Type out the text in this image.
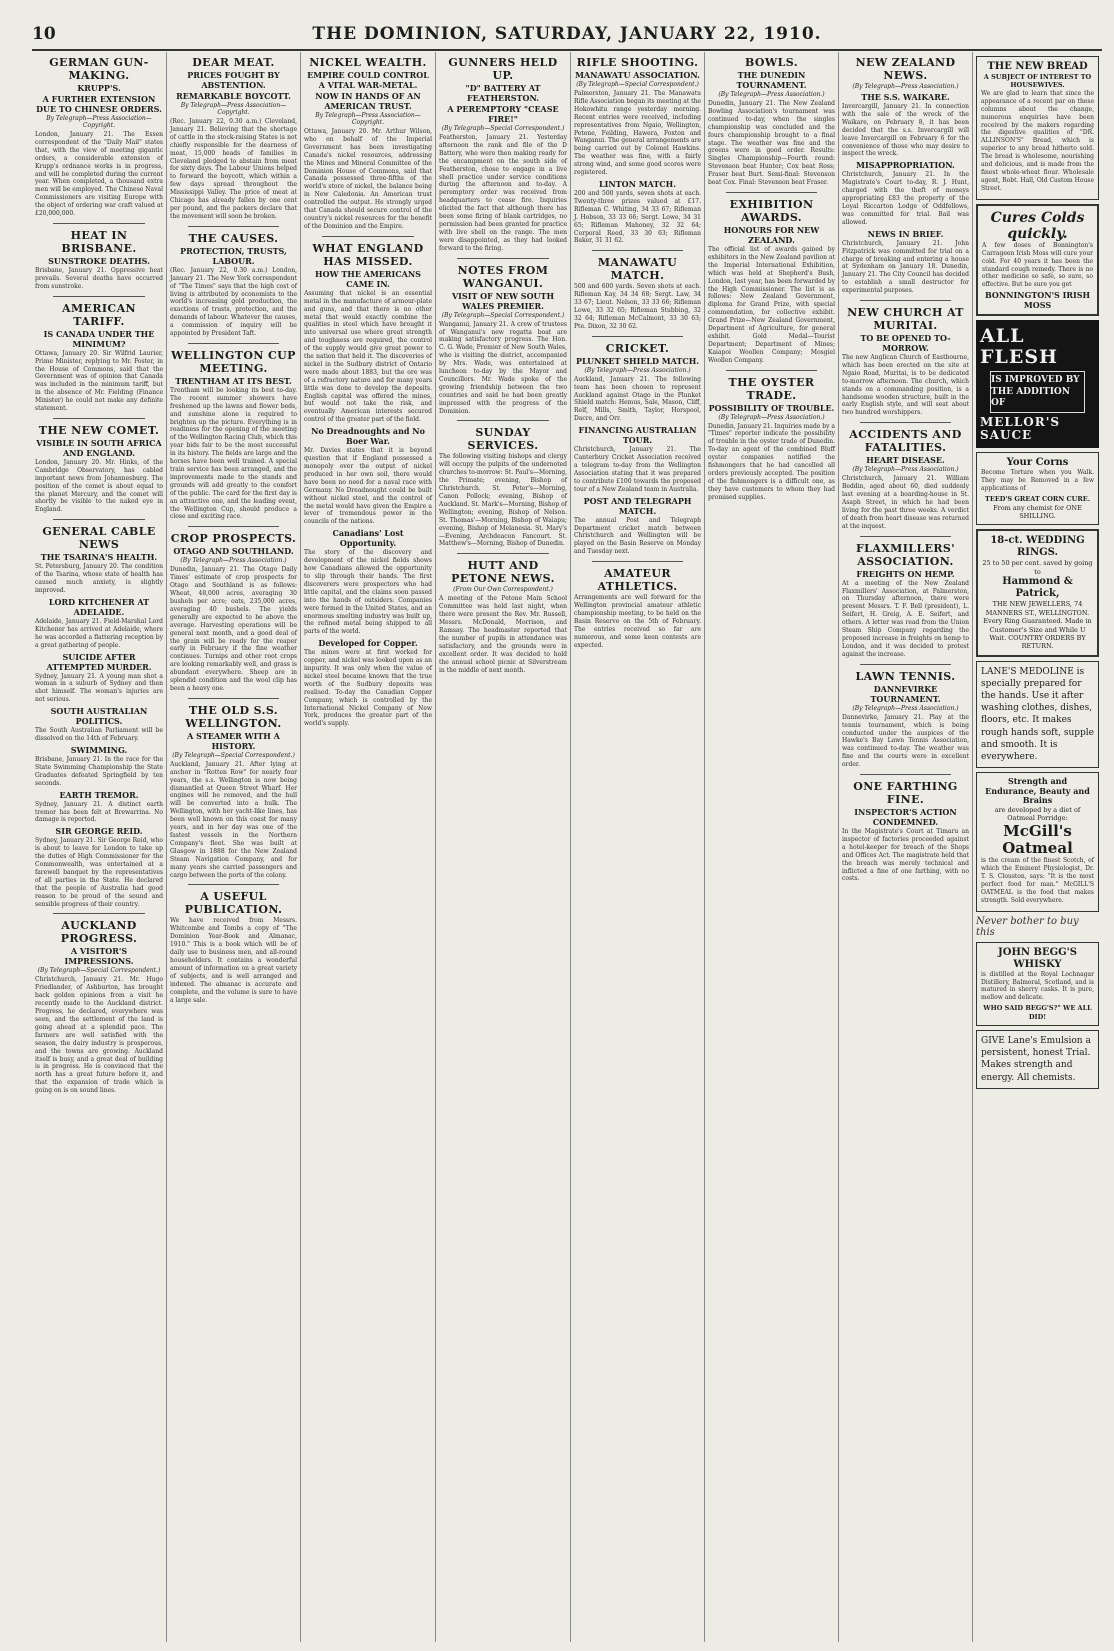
10	THE DOMINION, SATURDAY, JANUARY 22, 1910.
GERMAN GUN-MAKING.
KRUPP'S.
A FURTHER EXTENSION DUE TO CHINESE ORDERS.
By Telegraph—Press Association—Copyright.

London, January 21. The Essen correspondent of the "Daily Mail" states that, with the view of meeting gigantic orders, a considerable extension of Krupp's ordnance works is in progress, and will be completed during the current year. When completed, a thousand extra men will be employed. The Chinese Naval Commissioners are visiting Europe with the object of ordering war craft valued at £20,000,000.

HEAT IN BRISBANE.
SUNSTROKE DEATHS.

Brisbane, January 21. Oppressive heat prevails. Several deaths have occurred from sunstroke.

AMERICAN TARIFF.
IS CANADA UNDER THE MINIMUM?

Ottawa, January 20. Sir Wilfrid Laurier, Prime Minister, replying to Mr. Foster, in the House of Commons, said that the Government was of opinion that Canada was included in the minimum tariff, but in the absence of Mr. Fielding (Finance Minister) he could not make any definite statement.

THE NEW COMET.
VISIBLE IN SOUTH AFRICA AND ENGLAND.

London, January 20. Mr. Hinks, of the Cambridge Observatory, has cabled important news from Johannesburg. The position of the comet is about equal to the planet Mercury, and the comet will shortly be visible to the naked eye in England.

GENERAL CABLE NEWS
THE TSARINA'S HEALTH.

St. Petersburg, January 20. The condition of the Tsarina, whose state of health has caused much anxiety, is slightly improved.

LORD KITCHENER AT ADELAIDE.

Adelaide, January 21. Field-Marshal Lord Kitchener has arrived at Adelaide, where he was accorded a flattering reception by a great gathering of people.

SUICIDE AFTER ATTEMPTED MURDER.

Sydney, January 21. A young man shot a woman in a suburb of Sydney and then shot himself. The woman's injuries are not serious.

SOUTH AUSTRALIAN POLITICS.

The South Australian Parliament will be dissolved on the 14th of February.

SWIMMING.

Brisbane, January 21. In the race for the State Swimming Championship the State Graduates defeated Springfield by ten seconds.

EARTH TREMOR.

Sydney, January 21. A distinct earth tremor has been felt at Brewarrina. No damage is reported.

SIR GEORGE REID.

Sydney, January 21. Sir George Reid, who is about to leave for London to take up the duties of High Commissioner for the Commonwealth, was entertained at a farewell banquet by the representatives of all parties in the State. He declared that the people of Australia had good reason to be proud of the sound and sensible progress of their country.

AUCKLAND PROGRESS.
A VISITOR'S IMPRESSIONS.
(By Telegraph—Special Correspondent.)

Christchurch, January 21. Mr. Hugo Friedlander, of Ashburton, has brought back golden opinions from a visit he recently made to the Auckland district. Progress, he declared, everywhere was seen, and the settlement of the land is going ahead at a splendid pace. The farmers are well satisfied with the season, the dairy industry is prosperous, and the towns are growing. Auckland itself is busy, and a great deal of building is in progress. He is convinced that the north has a great future before it, and that the expansion of trade which is going on is on sound lines.

DEAR MEAT.
PRICES FOUGHT BY ABSTENTION.
REMARKABLE BOYCOTT.
By Telegraph—Press Association—Copyright.

(Rec. January 22, 0.30 a.m.) Cleveland, January 21. Believing that the shortage of cattle in the stock-raising States is not chiefly responsible for the dearness of meat, 15,000 heads of families in Cleveland pledged to abstain from meat for sixty days. The Labour Unions helped to forward the boycott, which within a few days spread throughout the Mississippi Valley. The price of meat at Chicago has already fallen by one cent per pound, and the packers declare that the movement will soon be broken.

THE CAUSES.
PROTECTION, TRUSTS, LABOUR.

(Rec. January 22, 0.30 a.m.) London, January 21. The New York correspondent of "The Times" says that the high cost of living is attributed by economists to the world's increasing gold production, the exactions of trusts, protection, and the demands of labour. Whatever the causes, a commission of inquiry will be appointed by President Taft.

WELLINGTON CUP MEETING.
TRENTHAM AT ITS BEST.

Trentham will be looking its best to-day. The recent summer showers have freshened up the lawns and flower beds, and sunshine alone is required to brighten up the picture. Everything is in readiness for the opening of the meeting of the Wellington Racing Club, which this year bids fair to be the most successful in its history. The fields are large and the horses have been well trained. A special train service has been arranged, and the improvements made to the stands and grounds will add greatly to the comfort of the public. The card for the first day is an attractive one, and the leading event, the Wellington Cup, should produce a close and exciting race.

CROP PROSPECTS.
OTAGO AND SOUTHLAND.
(By Telegraph—Press Association.)

Dunedin, January 21. The Otago Daily Times' estimate of crop prospects for Otago and Southland is as follows: Wheat, 48,000 acres, averaging 30 bushels per acre; oats, 235,000 acres, averaging 40 bushels. The yields generally are expected to be above the average. Harvesting operations will be general next month, and a good deal of the grain will be ready for the reaper early in February if the fine weather continues. Turnips and other root crops are looking remarkably well, and grass is abundant everywhere. Sheep are in splendid condition and the wool clip has been a heavy one.

THE OLD S.S. WELLINGTON.
A STEAMER WITH A HISTORY.
(By Telegraph—Special Correspondent.)

Auckland, January 21. After lying at anchor in "Rotten Row" for nearly four years, the s.s. Wellington is now being dismantled at Queen Street Wharf. Her engines will be removed, and the hull will be converted into a hulk. The Wellington, with her yacht-like lines, has been well known on this coast for many years, and in her day was one of the fastest vessels in the Northern Company's fleet. She was built at Glasgow in 1888 for the New Zealand Steam Navigation Company, and for many years she carried passengers and cargo between the ports of the colony.

A USEFUL PUBLICATION.

We have received from Messrs. Whitcombe and Tombs a copy of "The Dominion Year-Book and Almanac, 1910." This is a book which will be of daily use to business men, and all-round householders. It contains a wonderful amount of information on a great variety of subjects, and is well arranged and indexed. The almanac is accurate and complete, and the volume is sure to have a large sale.

NICKEL WEALTH.
EMPIRE COULD CONTROL A VITAL WAR-METAL.
NOW IN HANDS OF AN AMERICAN TRUST.
By Telegraph—Press Association—Copyright.

Ottawa, January 20. Mr. Arthur Wilson, who on behalf of the Imperial Government has been investigating Canada's nickel resources, addressing the Mines and Mineral Committee of the Dominion House of Commons, said that Canada possessed three-fifths of the world's store of nickel, the balance being in New Caledonia. An American trust controlled the output. He strongly urged that Canada should secure control of the country's nickel resources for the benefit of the Dominion and the Empire.

WHAT ENGLAND HAS MISSED.
HOW THE AMERICANS CAME IN.

Assuming that nickel is an essential metal in the manufacture of armour-plate and guns, and that there is no other metal that would exactly combine the qualities in steel which have brought it into universal use where great strength and toughness are required, the control of the supply would give great power to the nation that held it. The discoveries of nickel in the Sudbury district of Ontario were made about 1883, but the ore was of a refractory nature and for many years little was done to develop the deposits. English capital was offered the mines, but would not take the risk, and eventually American interests secured control of the greater part of the field.

No Dreadnoughts and No Boer War.

Mr. Davies states that it is beyond question that if England possessed a monopoly over the output of nickel produced in her own soil, there would have been no need for a naval race with Germany. No Dreadnought could be built without nickel steel, and the control of the metal would have given the Empire a lever of tremendous power in the councils of the nations.

Canadians' Lost Opportunity.

The story of the discovery and development of the nickel fields shows how Canadians allowed the opportunity to slip through their hands. The first discoverers were prospectors who had little capital, and the claims soon passed into the hands of outsiders. Companies were formed in the United States, and an enormous smelting industry was built up, the refined metal being shipped to all parts of the world.

Developed for Copper.

The mines were at first worked for copper, and nickel was looked upon as an impurity. It was only when the value of nickel steel became known that the true worth of the Sudbury deposits was realised. To-day the Canadian Copper Company, which is controlled by the International Nickel Company of New York, produces the greater part of the world's supply.

GUNNERS HELD UP.
"D" BATTERY AT FEATHERSTON.
A PEREMPTORY "CEASE FIRE!"
(By Telegraph—Special Correspondent.)

Featherston, January 21. Yesterday afternoon the rank and file of the D Battery, who were then making ready for the encampment on the south side of Featherston, chose to engage in a live shell practice under service conditions during the afternoon and to-day. A peremptory order was received from headquarters to cease fire. Inquiries elicited the fact that although there has been some firing of blank cartridges, no permission had been granted for practice with live shell on the range. The men were disappointed, as they had looked forward to the firing.

NOTES FROM WANGANUI.
VISIT OF NEW SOUTH WALES PREMIER.
(By Telegraph—Special Correspondent.)

Wanganui, January 21. A crew of trustees of Wanganui's new regatta boat are making satisfactory progress. The Hon. C. G. Wade, Premier of New South Wales, who is visiting the district, accompanied by Mrs. Wade, was entertained at luncheon to-day by the Mayor and Councillors. Mr. Wade spoke of the growing friendship between the two countries and said he had been greatly impressed with the progress of the Dominion.

SUNDAY SERVICES.

The following visiting bishops and clergy will occupy the pulpits of the undernoted churches to-morrow: St. Paul's—Morning, the Primate; evening, Bishop of Christchurch. St. Peter's—Morning, Canon Pollock; evening, Bishop of Auckland. St. Mark's—Morning, Bishop of Wellington; evening, Bishop of Nelson. St. Thomas'—Morning, Bishop of Waiapu; evening, Bishop of Melanesia. St. Mary's—Evening, Archdeacon Fancourt. St. Matthew's—Morning, Bishop of Dunedin.

HUTT AND PETONE NEWS.
(From Our Own Correspondent.)

A meeting of the Petone Main School Committee was held last night, when there were present the Rev. Mr. Russell, Messrs. McDonald, Morrison, and Ramsay. The headmaster reported that the number of pupils in attendance was satisfactory, and the grounds were in excellent order. It was decided to hold the annual school picnic at Silverstream in the middle of next month.

RIFLE SHOOTING.
MANAWATU ASSOCIATION.
(By Telegraph—Special Correspondent.)

Palmerston, January 21. The Manawatu Rifle Association began its meeting at the Hokowhitu range yesterday morning. Recent entries were received, including representatives from Ngaio, Wellington, Petone, Feilding, Hawera, Foxton and Wanganui. The general arrangements are being carried out by Colonel Hawkins. The weather was fine, with a fairly strong wind, and some good scores were registered.

LINTON MATCH.

200 and 500 yards, seven shots at each. Twenty-three prizes valued at £17. Rifleman C. Whiting, 34 33 67; Rifleman J. Hobson, 33 33 66; Sergt. Lowe, 34 31 65; Rifleman Mahoney, 32 32 64; Corporal Reed, 33 30 63; Rifleman Baker, 31 31 62.

MANAWATU MATCH.

500 and 600 yards. Seven shots at each. Rifleman Kay, 34 34 68; Sergt. Law, 34 33 67; Lieut. Nelson, 33 33 66; Rifleman Lowe, 33 32 65; Rifleman Stubbing, 32 32 64; Rifleman McCalmont, 33 30 63; Pte. Dixon, 32 30 62.

CRICKET.
PLUNKET SHIELD MATCH.
(By Telegraph—Press Association.)

Auckland, January 21. The following team has been chosen to represent Auckland against Otago in the Plunket Shield match: Hemus, Sale, Mason, Cliff, Relf, Mills, Smith, Taylor, Horspool, Dacre, and Orr.

FINANCING AUSTRALIAN TOUR.

Christchurch, January 21. The Canterbury Cricket Association received a telegram to-day from the Wellington Association stating that it was prepared to contribute £100 towards the proposed tour of a New Zealand team in Australia.

POST AND TELEGRAPH MATCH.

The annual Post and Telegraph Department cricket match between Christchurch and Wellington will be played on the Basin Reserve on Monday and Tuesday next.

AMATEUR ATHLETICS.

Arrangements are well forward for the Wellington provincial amateur athletic championship meeting, to be held on the Basin Reserve on the 5th of February. The entries received so far are numerous, and some keen contests are expected.

BOWLS.
THE DUNEDIN TOURNAMENT.
(By Telegraph—Press Association.)

Dunedin, January 21. The New Zealand Bowling Association's tournament was continued to-day, when the singles championship was concluded and the fours championship brought to a final stage. The weather was fine and the greens were in good order. Results: Singles Championship—Fourth round: Stevenson beat Hunter; Cox beat Ross; Fraser beat Burt. Semi-final: Stevenson beat Cox. Final: Stevenson beat Fraser.

EXHIBITION AWARDS.
HONOURS FOR NEW ZEALAND.

The official list of awards gained by exhibitors in the New Zealand pavilion at the Imperial International Exhibition, which was held at Shepherd's Bush, London, last year, has been forwarded by the High Commissioner. The list is as follows: New Zealand Government, diploma for Grand Prize, with special commendation, for collective exhibit. Grand Prize—New Zealand Government, Department of Agriculture, for general exhibit. Gold Medal—Tourist Department; Department of Mines; Kaiapoi Woollen Company; Mosgiel Woollen Company.

THE OYSTER TRADE.
POSSIBILITY OF TROUBLE.
(By Telegraph—Press Association.)

Dunedin, January 21. Inquiries made by a "Times" reporter indicate the possibility of trouble in the oyster trade of Dunedin. To-day an agent of the combined Bluff oyster companies notified the fishmongers that he had cancelled all orders previously accepted. The position of the fishmongers is a difficult one, as they have customers to whom they had promised supplies.

NEW ZEALAND NEWS.
(By Telegraph—Press Association.)
THE S.S. WAIKARE.

Invercargill, January 21. In connection with the sale of the wreck of the Waikare, on February 8, it has been decided that the s.s. Invercargill will leave Invercargill on February 6 for the convenience of those who may desire to inspect the wreck.

MISAPPROPRIATION.

Christchurch, January 21. In the Magistrate's Court to-day, R. J. Hunt, charged with the theft of moneys appropriating £83 the property of the Loyal Riccarton Lodge of Oddfellows, was committed for trial. Bail was allowed.

NEWS IN BRIEF.

Christchurch, January 21. John Fitzpatrick was committed for trial on a charge of breaking and entering a house at Sydenham on January 18. Dunedin, January 21. The City Council has decided to establish a small destructor for experimental purposes.

NEW CHURCH AT MURITAI.
TO BE OPENED TO-MORROW.

The new Anglican Church of Eastbourne, which has been erected on the site at Ngaio Road, Muritai, is to be dedicated to-morrow afternoon. The church, which stands on a commanding position, is a handsome wooden structure, built in the early English style, and will seat about two hundred worshippers.

ACCIDENTS AND FATALITIES.
HEART DISEASE.
(By Telegraph—Press Association.)

Christchurch, January 21. William Beddin, aged about 60, died suddenly last evening at a boarding-house in St. Asaph Street, in which he had been living for the past three weeks. A verdict of death from heart disease was returned at the inquest.

FLAXMILLERS' ASSOCIATION.
FREIGHTS ON HEMP.

At a meeting of the New Zealand Flaxmillers' Association, at Palmerston, on Thursday afternoon, there were present Messrs. T. F. Bell (president), L. Seifert, H. Greig, A. E. Seifert, and others. A letter was read from the Union Steam Ship Company regarding the proposed increase in freights on hemp to London, and it was decided to protest against the increase.

LAWN TENNIS.
DANNEVIRKE TOURNAMENT.
(By Telegraph—Press Association.)

Dannevirke, January 21. Play at the tennis tournament, which is being conducted under the auspices of the Hawke's Bay Lawn Tennis Association, was continued to-day. The weather was fine and the courts were in excellent order.

ONE FARTHING FINE.
INSPECTOR'S ACTION CONDEMNED.

In the Magistrate's Court at Timaru an inspector of factories proceeded against a hotel-keeper for breach of the Shops and Offices Act. The magistrate held that the breach was merely technical and inflicted a fine of one farthing, with no costs.

THE NEW BREAD
A SUBJECT OF INTEREST TO HOUSEWIVES.

We are glad to learn that since the appearance of a recent par on these columns about the change, numerous enquiries have been received by the makers regarding the digestive qualities of "DR. ALLINSON'S" Bread, which is superior to any bread hitherto sold. The bread is wholesome, nourishing and delicious, and is made from the finest whole-wheat flour. Wholesale agent, Robt. Hall, Old Custom House Street.

Cures Colds quickly.

A few doses of Bonnington's Carrageen Irish Moss will cure your cold. For 40 years it has been the standard cough remedy. There is no other medicine so safe, so sure, so effective. But be sure you get

BONNINGTON'S IRISH MOSS
ALL
FLESH
IS IMPROVED BY THE ADDITION OF
MELLOR'S SAUCE
Your Corns

Become Torture when you Walk. They may be Removed in a few applications of

TEED'S GREAT CORN CURE.
From any chemist for ONE SHILLING.
18-ct. WEDDING RINGS.
25 to 50 per cent. saved by going to
Hammond & Patrick,
THE NEW JEWELLERS, 74 MANNERS ST., WELLINGTON.
Every Ring Guaranteed. Made in Customer's Size and While U Wait. COUNTRY ORDERS BY RETURN.
LANE'S MEDOLINE is specially prepared for the hands. Use it after washing clothes, dishes, floors, etc. It makes rough hands soft, supple and smooth. It is everywhere.
Strength and Endurance, Beauty and Brains
are developed by a diet of Oatmeal Porridge:
McGill's Oatmeal

is the cream of the finest Scotch, of which the Eminent Physiologist, Dr. T. S. Clouston, says: "It is the most perfect food for man." McGILL'S OATMEAL is the food that makes strength. Sold everywhere.

Never bother to buy this
JOHN BEGG'S WHISKY

is distilled at the Royal Lochnagar Distillery, Balmoral, Scotland, and is matured in sherry casks. It is pure, mellow and delicate.

WHO SAID BEGG'S?" WE ALL DID!
GIVE Lane's Emulsion a persistent, honest Trial. Makes strength and energy. All chemists.
